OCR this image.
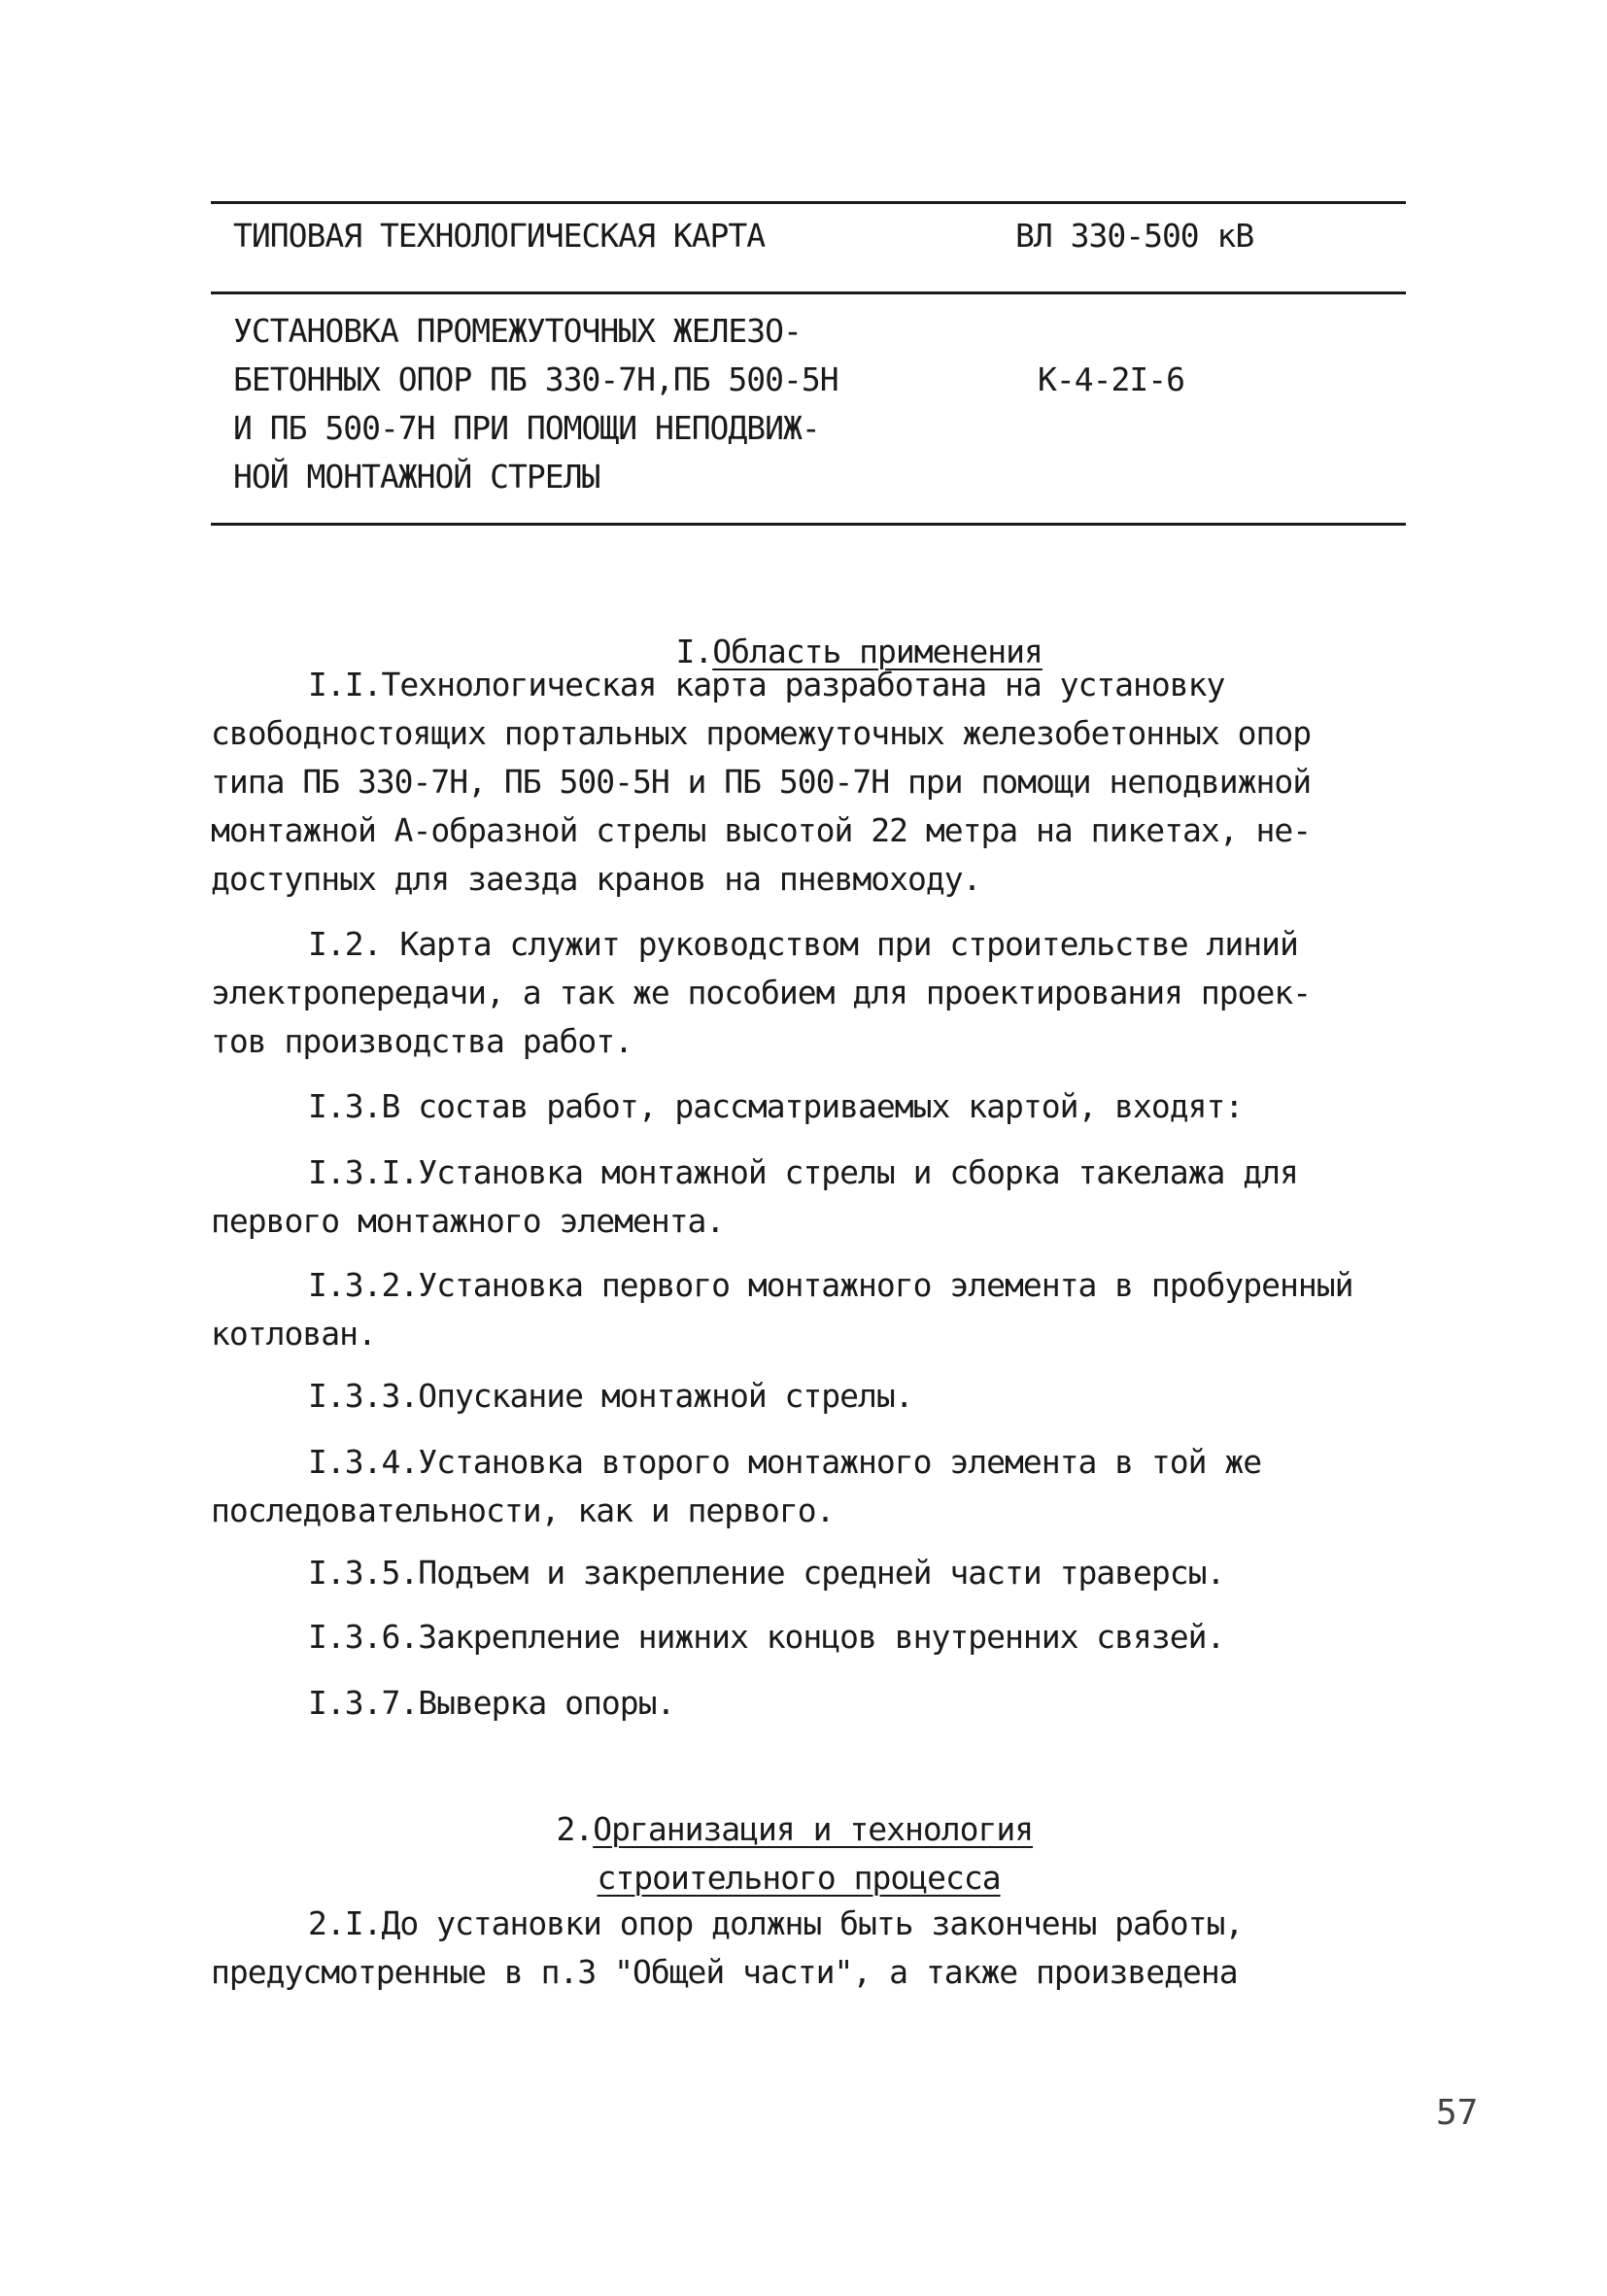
ТИПОВАЯ ТЕХНОЛОГИЧЕСКАЯ КАРТА	ВЛ 330-500 кВ
УСТАНОВКА ПРОМЕЖУТОЧНЫХ ЖЕЛЕЗО-
БЕТОННЫХ ОПОР ПБ 330-7Н,ПБ 500-5Н
И ПБ 500-7Н ПРИ ПОМОЩИ НЕПОДВИЖ-
НОЙ МОНТАЖНОЙ СТРЕЛЫ
К-4-2I-6

I.Область применения

I.I.Технологическая карта разработана на установку
свободностоящих портальных промежуточных железобетонных опор
типа ПБ 330-7Н, ПБ 500-5Н и ПБ 500-7Н при помощи неподвижной
монтажной А-образной стрелы высотой 22 метра на пикетах, не-
доступных для заезда кранов на пневмоходу.
I.2. Карта служит руководством при строительстве линий
электропередачи, а так же пособием для проектирования проек-
тов производства работ.
I.3.В состав работ, рассматриваемых картой, входят:
I.3.I.Установка монтажной стрелы и сборка такелажа для
первого монтажного элемента.
I.3.2.Установка первого монтажного элемента в пробуренный
котлован.
I.3.3.Опускание монтажной стрелы.
I.3.4.Установка второго монтажного элемента в той же
последовательности, как и первого.
I.3.5.Подъем и закрепление средней части траверсы.
I.3.6.Закрепление нижних концов внутренних связей.
I.3.7.Выверка опоры.

2.Организация и технология

строительного процесса

2.I.До установки опор должны быть закончены работы,
предусмотренные в п.3 "Общей части", а также произведена
57
